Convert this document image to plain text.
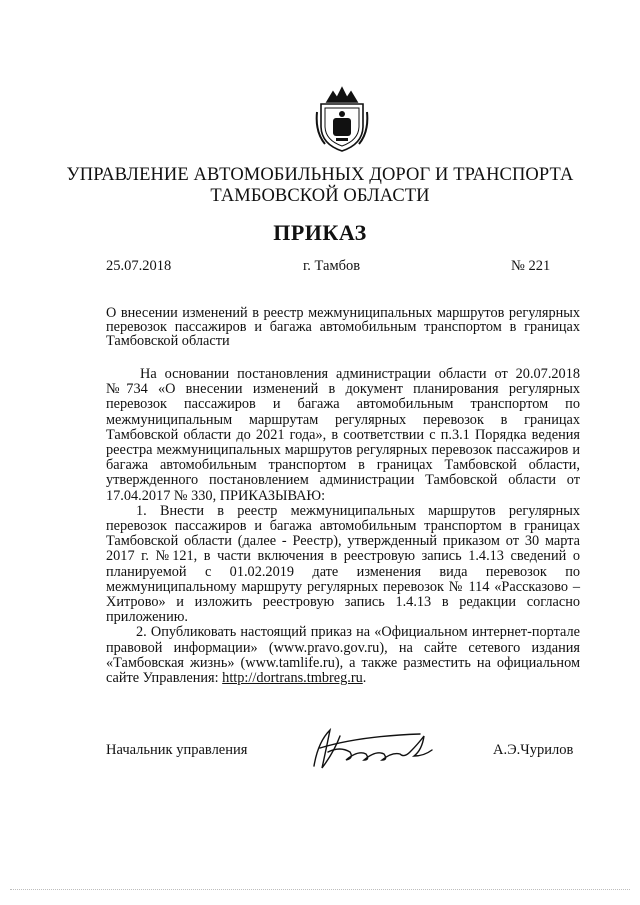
УПРАВЛЕНИЕ АВТОМОБИЛЬНЫХ ДОРОГ И ТРАНСПОРТА
ТАМБОВСКОЙ ОБЛАСТИ
ПРИКАЗ
25.07.2018	г. Тамбов	№ 221
О внесении изменений в реестр межмуниципальных маршрутов регулярных перевозок пассажиров и багажа автомобильным транспортом в границах Тамбовской области

На основании постановления администрации области от 20.07.2018 №734 «О внесении изменений в документ планирования регулярных перевозок пассажиров и багажа автомобильным транспортом по межмуниципальным маршрутам регулярных перевозок в границах Тамбовской области до 2021 года», в соответствии с п.3.1 Порядка ведения реестра межмуниципальных маршрутов регулярных перевозок пассажиров и багажа автомобильным транспортом в границах Тамбовской области, утвержденного постановлением администрации Тамбовской области от 17.04.2017 № 330, ПРИКАЗЫВАЮ:

1. Внести в реестр межмуниципальных маршрутов регулярных перевозок пассажиров и багажа автомобильным транспортом в границах Тамбовской области (далее - Реестр), утвержденный приказом от 30 марта 2017 г. №121, в части включения в реестровую запись 1.4.13 сведений о планируемой с 01.02.2019 дате изменения вида перевозок по межмуниципальному маршруту регулярных перевозок № 114 «Рассказово – Хитрово» и изложить реестровую запись 1.4.13 в редакции согласно приложению.

2. Опубликовать настоящий приказ на «Официальном интернет-портале правовой информации» (www.pravo.gov.ru), на сайте сетевого издания «Тамбовская жизнь» (www.tamlife.ru), а также разместить на официальном сайте Управления: http://dortrans.tmbreg.ru.

Начальник управления	А.Э.Чурилов
